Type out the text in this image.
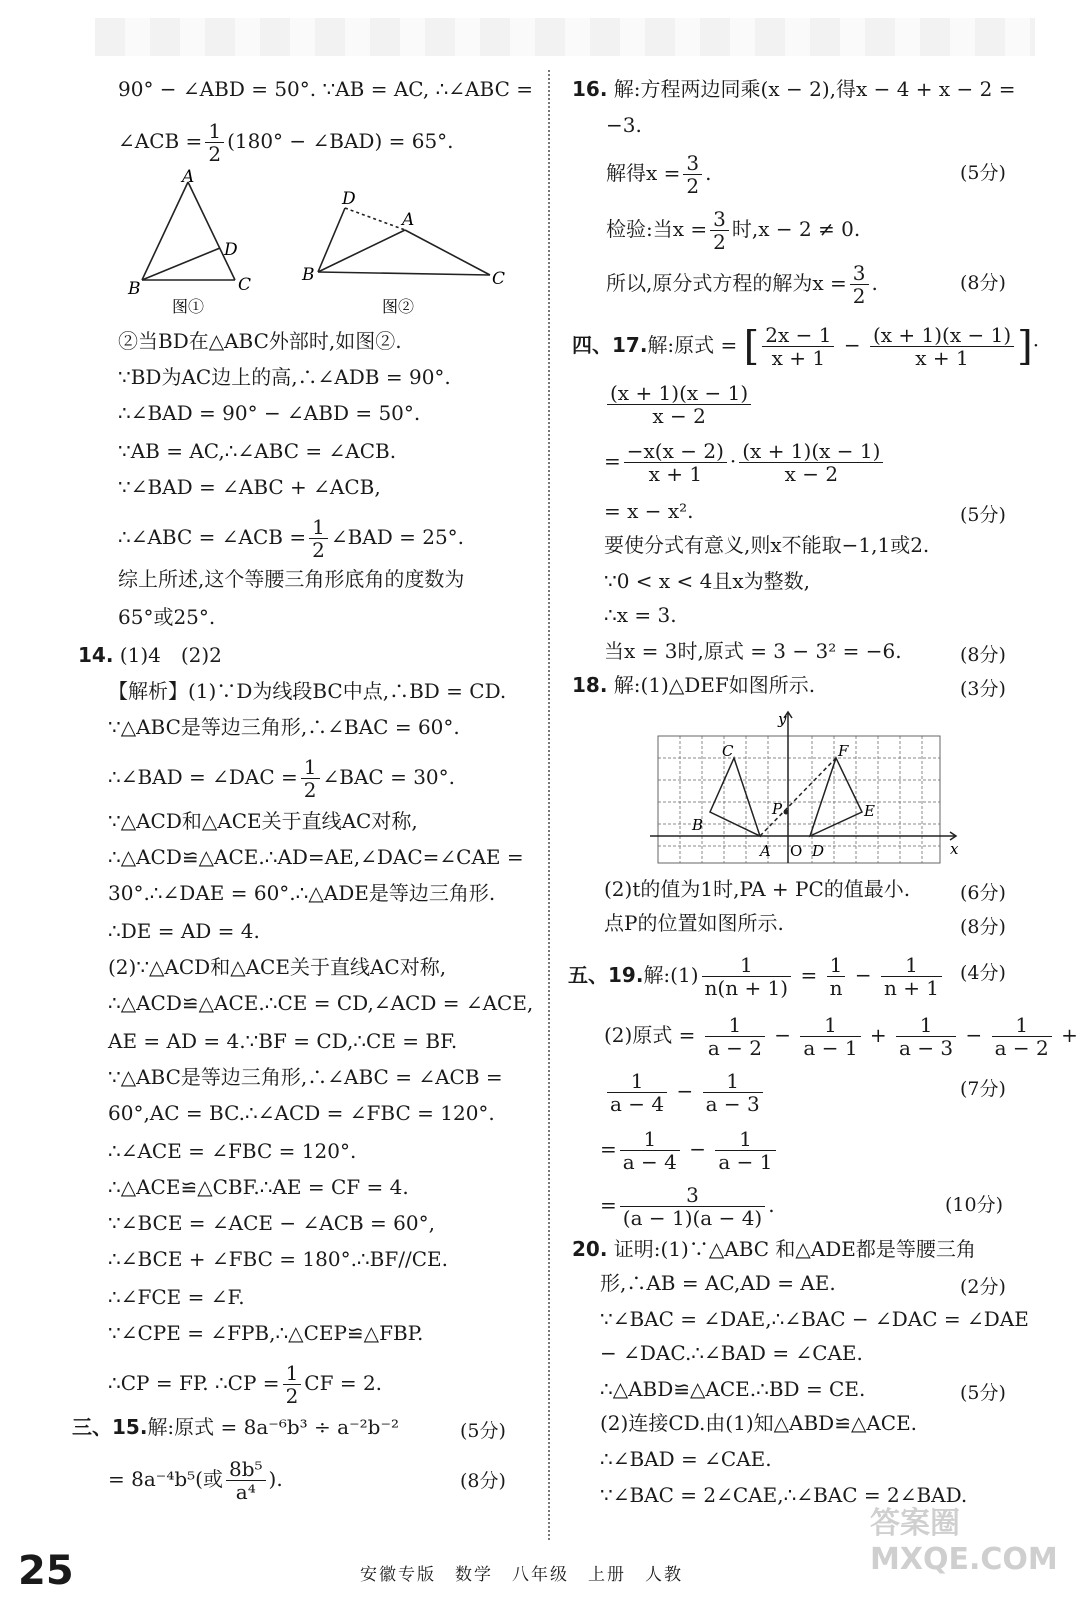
90° − ∠ABD = 50°. ∵AB = AC, ∴∠ABC =
∠ACB = $\frac{1}{2} (180^\circ$ − ∠BAD) = 65°.
A
B	C
D
图①
D
A
B	C
图②
②当BD在△ABC外部时,如图②.
∵BD为AC边上的高,∴∠ADB = 90°.
∴∠BAD = 90° − ∠ABD = 50°.
∵AB = AC,∴∠ABC = ∠ACB.
∵∠BAD = ∠ABC + ∠ACB,
∴∠ABC = ∠ACB = $\frac{1}{2}$ ∠BAD = 25°.
综上所述,这个等腰三角形底角的度数为
65°或25°.
14. (1)4　(2)2
【解析】(1)∵D为线段BC中点,∴BD = CD.
∵△ABC是等边三角形,∴∠BAC = 60°.
∴∠BAD = ∠DAC = $\frac{1}{2}$ ∠BAC = 30°.
∵△ACD和△ACE关于直线AC对称,
∴△ACD≌△ACE.∴AD=AE,∠DAC=∠CAE =
30°.∴∠DAE = 60°.∴△ADE是等边三角形.
∴DE = AD = 4.
(2)∵△ACD和△ACE关于直线AC对称,
∴△ACD≌△ACE.∴CE = CD,∠ACD = ∠ACE,
AE = AD = 4.∵BF = CD,∴CE = BF.
∵△ABC是等边三角形,∴∠ABC = ∠ACB =
60°,AC = BC.∴∠ACD = ∠FBC = 120°.
∴∠ACE = ∠FBC = 120°.
∴△ACE≌△CBF.∴AE = CF = 4.
∵∠BCE = ∠ACE − ∠ACB = 60°,
∴∠BCE + ∠FBC = 180°.∴BF//CE.
∴∠FCE = ∠F.
∵∠CPE = ∠FPB,∴△CEP≌△FBP.
∴CP = FP. ∴CP = $\frac{1}{2}$ CF = 2.
三、15.解:原式 = 8a⁻⁶b³ ÷ a⁻²b⁻²	(5分)
= 8a⁻⁴b⁵(或 $\frac{\text{8b⁵}}{\text{a⁴}}$ ).	(8分)
16. 解:方程两边同乘(x − 2),得x − 4 + x − 2 =
−3.
解得$x = \frac{3}{2}$ .	(5分)
检验:当$x = \frac{3}{2}$ 时,x − 2 ≠ 0.
所以,原分式方程的解为$x = \frac{3}{2}$ .	(8分)
四、17.解:原式 = [ $\frac{2x - 1}{x + 1} - \frac{(x + 1)(x - 1)}{x + 1}$ ]·
$\frac{(x + 1)(x - 1)}{x - 2}$
= $\frac{-x(x - 2)}{x + 1} \cdot \frac{(x + 1)(x - 1)}{x - 2}$
= x − x².	(5分)
要使分式有意义,则x不能取−1,1或2.
∵0 < x < 4且x为整数,
∴x = 3.
当x = 3时,原式 = 3 − 3² = −6.	(8分)
18. 解:(1)△DEF如图所示.	(3分)
y
x
O
A
B
C
D
E
F
P
(2)t的值为1时,PA + PC的值最小.	(6分)
点P的位置如图所示.	(8分)
五、19.解:(1) $\frac{1}{n(n + 1)} = \frac{1}{n} - \frac{1}{n + 1} (4$分)
(2)原式 = $\frac{1}{a - 2} - \frac{1}{a - 1} + \frac{1}{a - 3} - \frac{1}{a - 2}$ +
$\frac{1}{a - 4} - \frac{1}{a - 3}$	(7分)
= $\frac{1}{a - 4} - \frac{1}{a - 1}$
= $\frac{3}{(a - 1)(a - 4)}$ .	(10分)
20. 证明:(1)∵△ABC 和△ADE都是等腰三角
形,∴AB = AC,AD = AE.	(2分)
∵∠BAC = ∠DAE,∴∠BAC − ∠DAC = ∠DAE
− ∠DAC.∴∠BAD = ∠CAE.
∴△ABD≌△ACE.∴BD = CE.	(5分)
(2)连接CD.由(1)知△ABD≌△ACE.
∴∠BAD = ∠CAE.
∵∠BAC = 2∠CAE,∴∠BAC = 2∠BAD.
答案圈 MXQE.COM
25	安徽专版　数学　八年级　上册　人教
